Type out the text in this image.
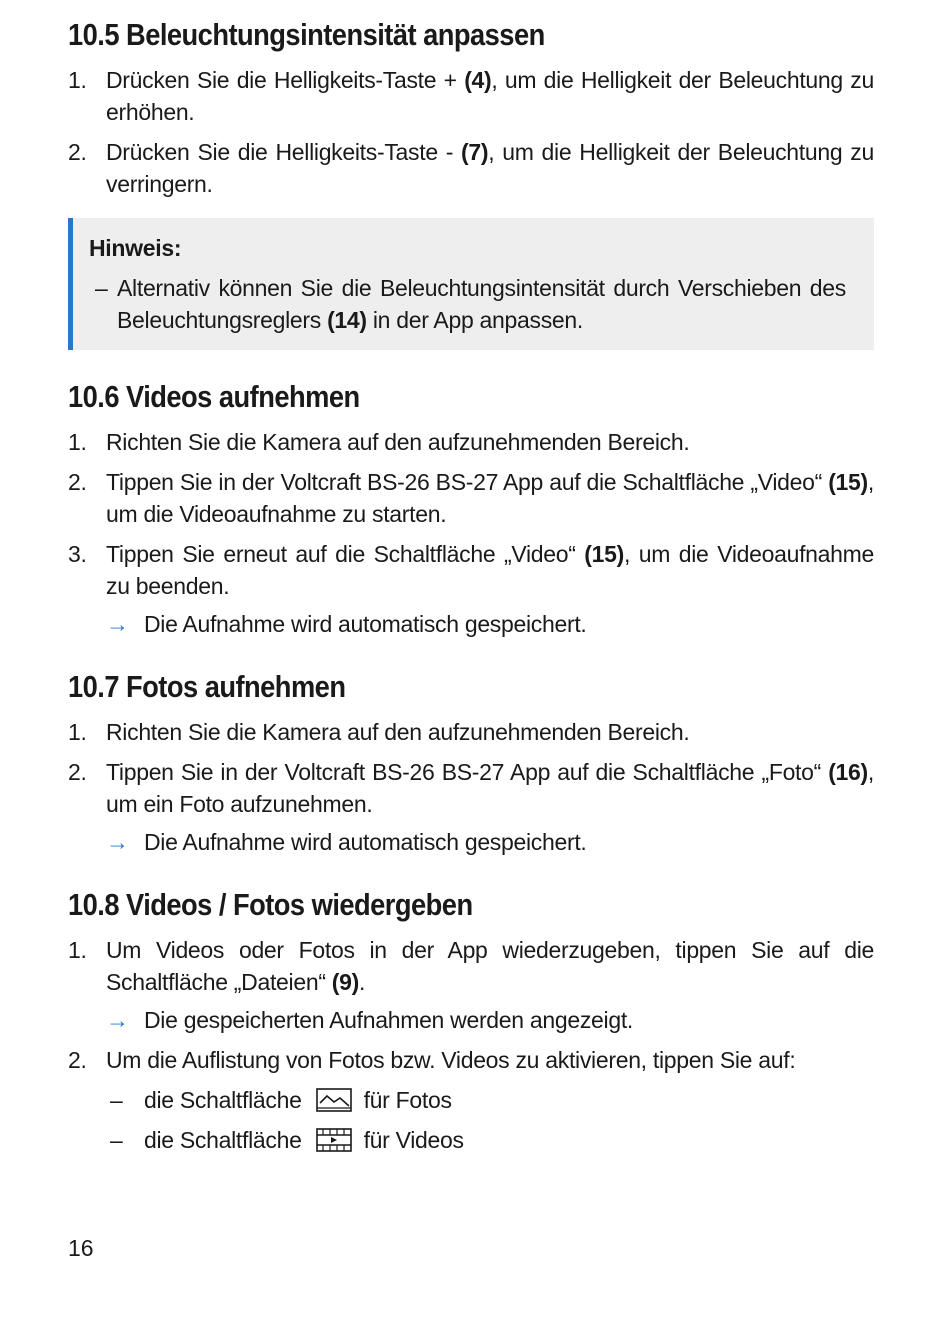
10.5 Beleuchtungsintensität anpassen
1. Drücken Sie die Helligkeits-Taste + (4), um die Helligkeit der Beleuchtung zu erhöhen.
2. Drücken Sie die Helligkeits-Taste - (7), um die Helligkeit der Beleuchtung zu verringern.
Hinweis:
– Alternativ können Sie die Beleuchtungsintensität durch Verschieben des Beleuchtungsreglers (14) in der App anpassen.
10.6 Videos aufnehmen
1. Richten Sie die Kamera auf den aufzunehmenden Bereich.
2. Tippen Sie in der Voltcraft BS-26 BS-27 App auf die Schaltfläche „Video“ (15), um die Videoaufnahme zu starten.
3. Tippen Sie erneut auf die Schaltfläche „Video“ (15), um die Videoaufnahme zu beenden.
→ Die Aufnahme wird automatisch gespeichert.
10.7 Fotos aufnehmen
1. Richten Sie die Kamera auf den aufzunehmenden Bereich.
2. Tippen Sie in der Voltcraft BS-26 BS-27 App auf die Schaltfläche „Foto“ (16), um ein Foto aufzunehmen.
→ Die Aufnahme wird automatisch gespeichert.
10.8 Videos / Fotos wiedergeben
1. Um Videos oder Fotos in der App wiederzugeben, tippen Sie auf die Schaltfläche „Dateien“ (9).
→ Die gespeicherten Aufnahmen werden angezeigt.
2. Um die Auflistung von Fotos bzw. Videos zu aktivieren, tippen Sie auf:
– die Schaltfläche	für Fotos
– die Schaltfläche	für Videos
16
